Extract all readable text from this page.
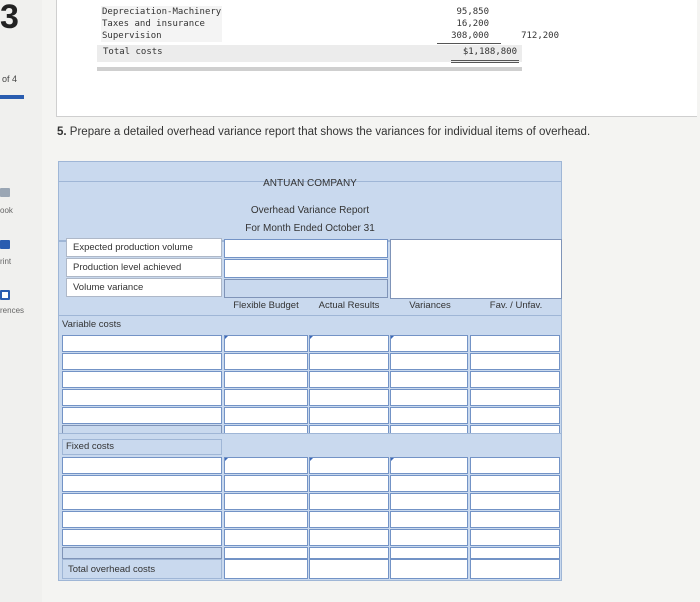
3
of 4
ook
rint
rences
Depreciation-Machinery	95,850
Taxes and insurance	16,200
Supervision	308,000	712,200
Total costs	$1,188,800
5. Prepare a detailed overhead variance report that shows the variances for individual items of overhead.
ANTUAN COMPANY
Overhead Variance Report
For Month Ended October 31
Expected production volume
Production level achieved
Volume variance
Flexible Budget	Actual Results	Variances	Fav. / Unfav.
Variable costs
Fixed costs
Total overhead costs
